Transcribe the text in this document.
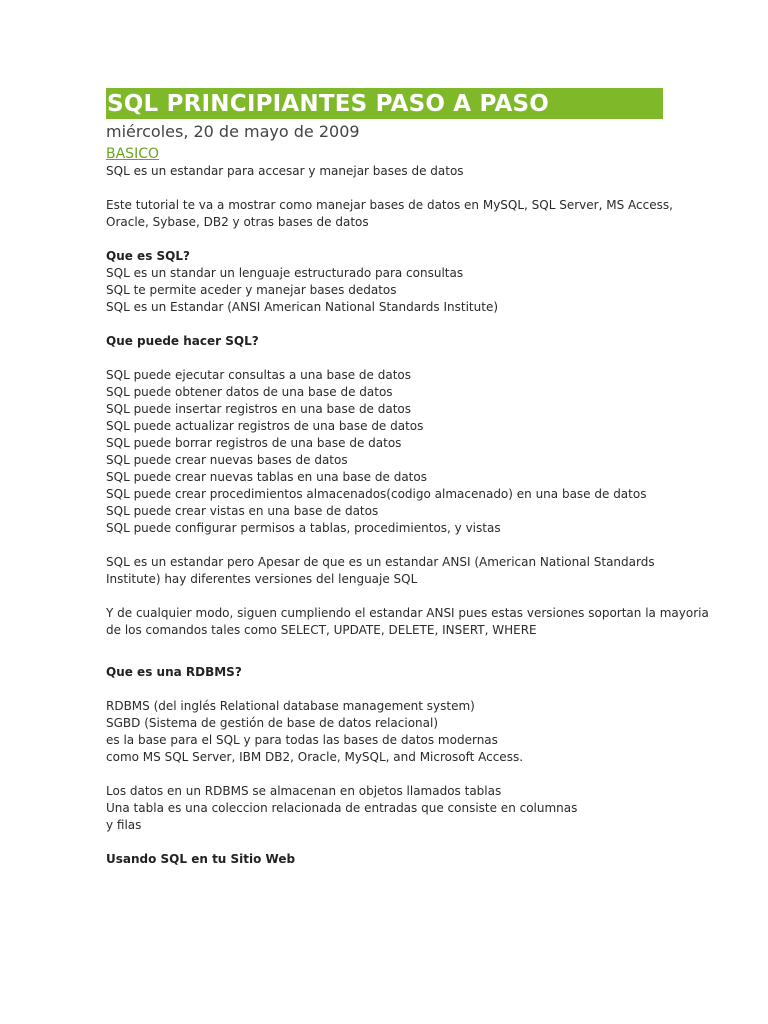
SQL PRINCIPIANTES PASO A PASO
miércoles, 20 de mayo de 2009
BASICO
SQL es un estandar para accesar y manejar bases de datos
Este tutorial te va a mostrar como manejar bases de datos en MySQL, SQL Server, MS Access,
Oracle, Sybase, DB2 y otras bases de datos
Que es SQL?
SQL es un standar un lenguaje estructurado para consultas
SQL te permite aceder y manejar bases dedatos
SQL es un Estandar (ANSI American National Standards Institute)
Que puede hacer SQL?
SQL puede ejecutar consultas a una base de datos
SQL puede obtener datos de una base de datos
SQL puede insertar registros en una base de datos
SQL puede actualizar registros de una base de datos
SQL puede borrar registros de una base de datos
SQL puede crear nuevas bases de datos
SQL puede crear nuevas tablas en una base de datos
SQL puede crear procedimientos almacenados(codigo almacenado) en una base de datos
SQL puede crear vistas en una base de datos
SQL puede configurar permisos a tablas, procedimientos, y vistas
SQL es un estandar pero Apesar de que es un estandar ANSI (American National Standards
Institute) hay diferentes versiones del lenguaje SQL
Y de cualquier modo, siguen cumpliendo el estandar ANSI pues estas versiones soportan la mayoria
de los comandos tales como SELECT, UPDATE, DELETE, INSERT, WHERE
Que es una RDBMS?
RDBMS (del inglés Relational database management system)
SGBD (Sistema de gestión de base de datos relacional)
es la base para el SQL y para todas las bases de datos modernas
como MS SQL Server, IBM DB2, Oracle, MySQL, and Microsoft Access.
Los datos en un RDBMS se almacenan en objetos llamados tablas
Una tabla es una coleccion relacionada de entradas que consiste en columnas
y filas
Usando SQL en tu Sitio Web
